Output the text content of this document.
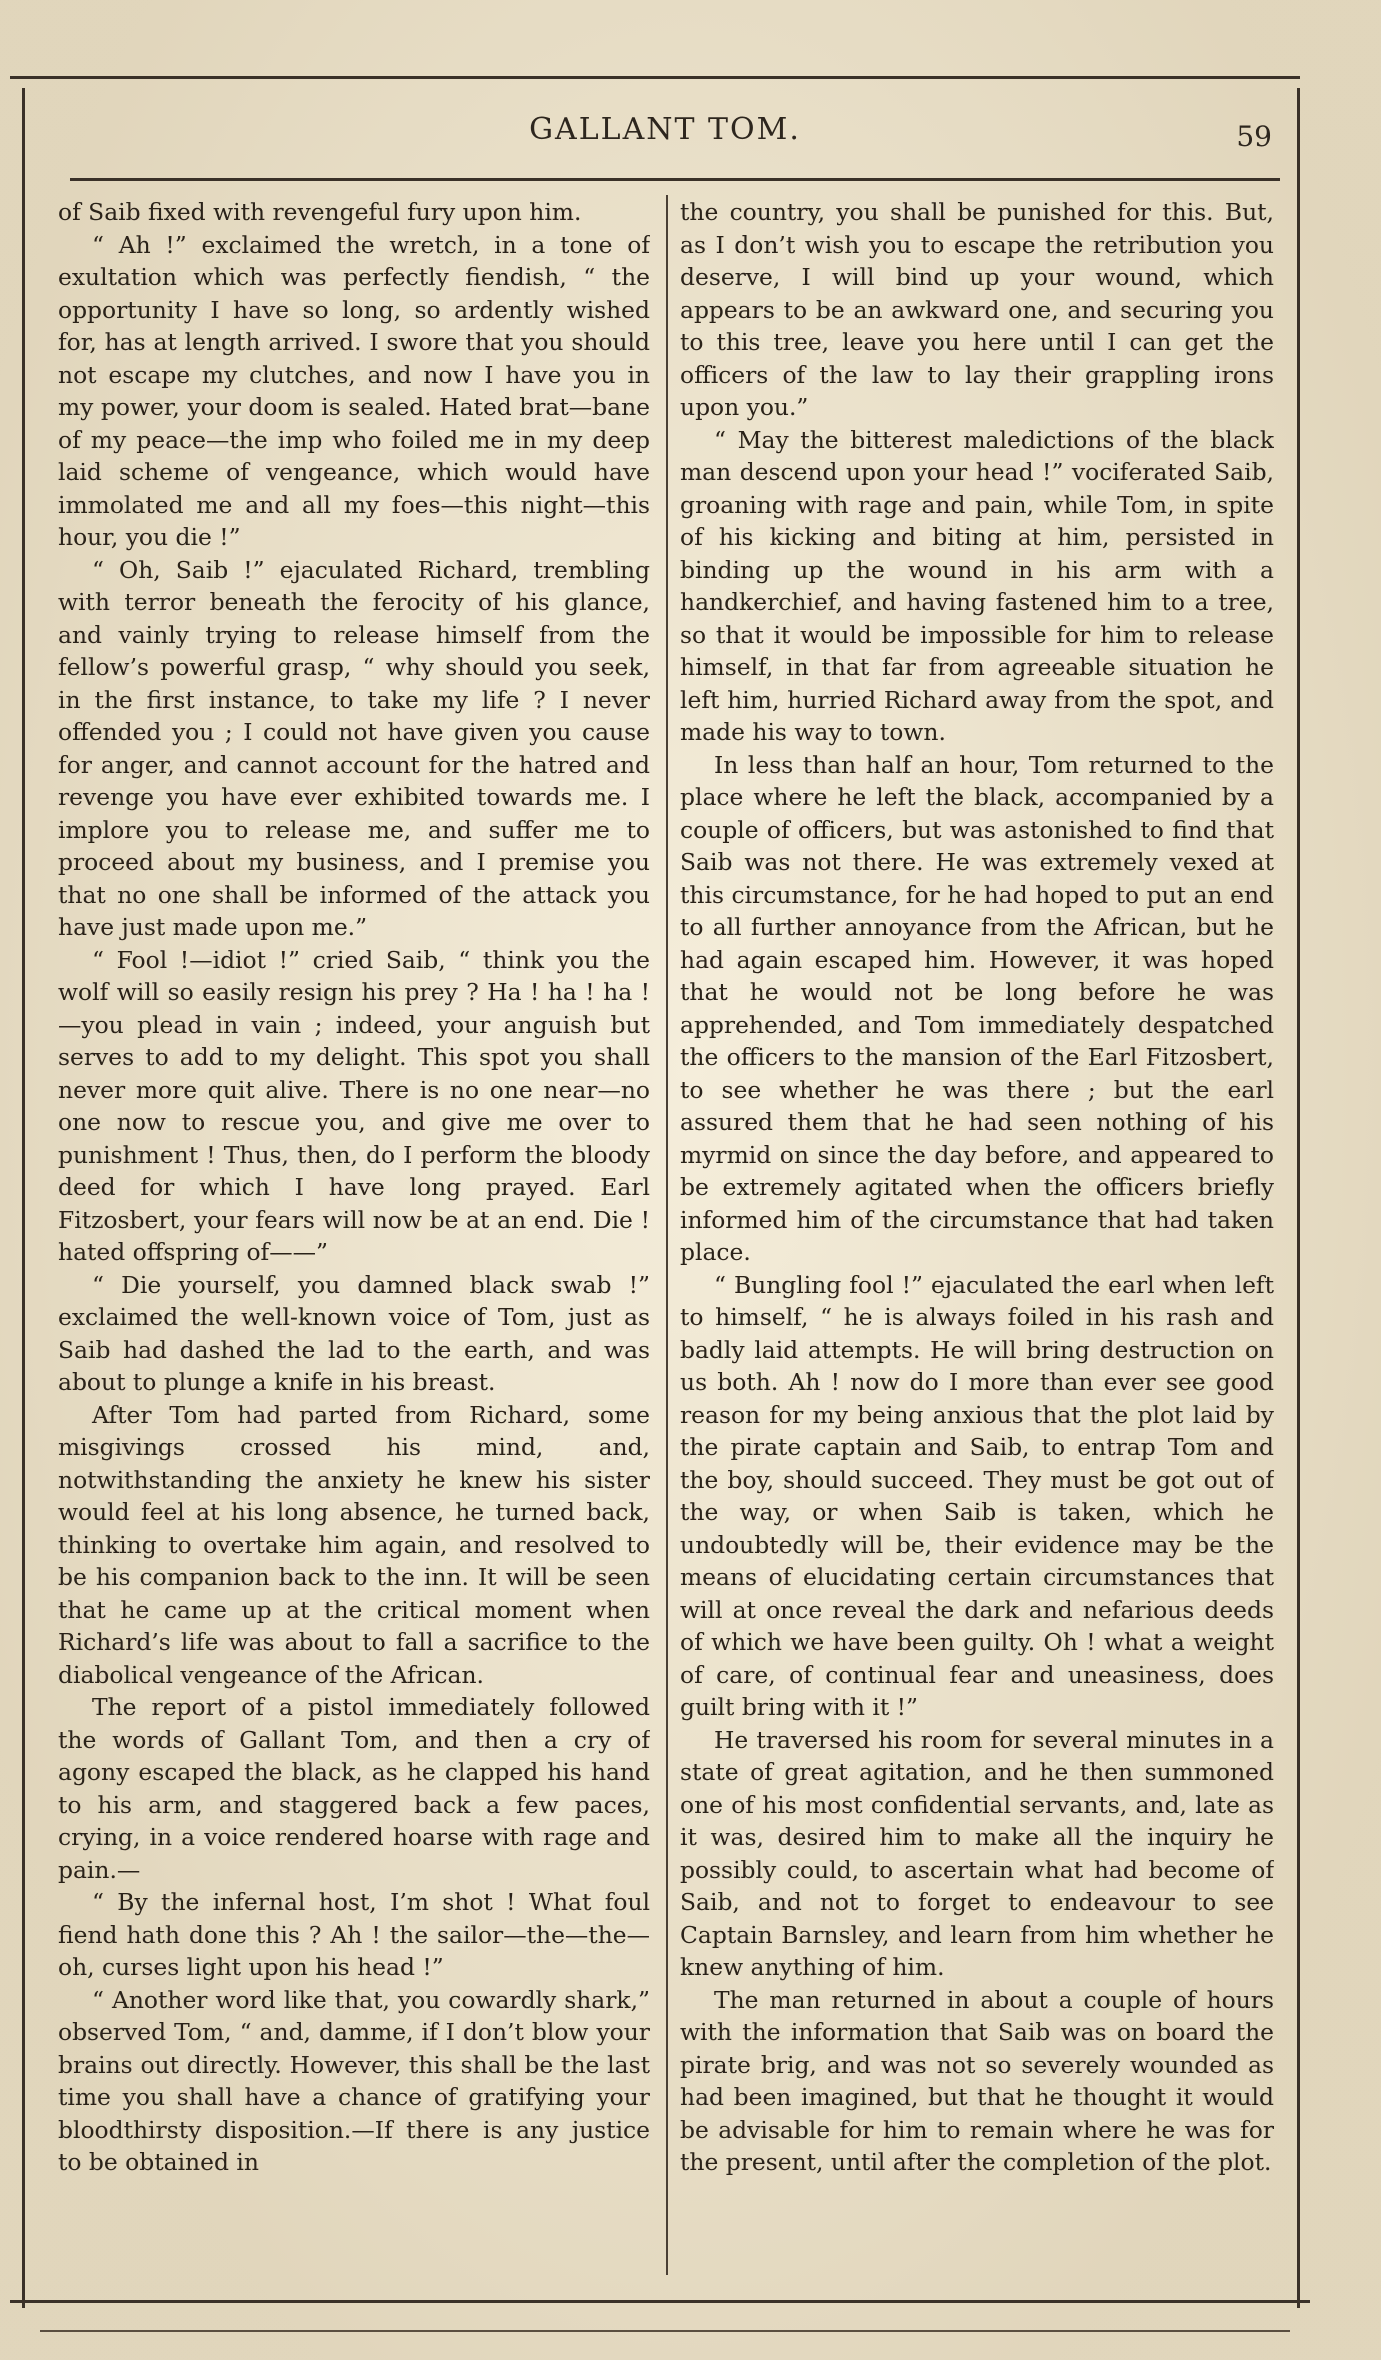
GALLANT TOM.	59

of Saib fixed with revengeful fury upon him.

“ Ah !” exclaimed the wretch, in a tone of exultation which was perfectly fiendish, “ the opportunity I have so long, so ardently wished for, has at length arrived. I swore that you should not escape my clutches, and now I have you in my power, your doom is sealed. Hated brat—bane of my peace—the imp who foiled me in my deep laid scheme of vengeance, which would have immolated me and all my foes—this night—this hour, you die !”

“ Oh, Saib !” ejaculated Richard, trembling with terror beneath the ferocity of his glance, and vainly trying to release himself from the fellow’s powerful grasp, “ why should you seek, in the first instance, to take my life ? I never offended you ; I could not have given you cause for anger, and cannot account for the hatred and revenge you have ever exhibited towards me. I implore you to release me, and suffer me to proceed about my business, and I premise you that no one shall be informed of the attack you have just made upon me.”

“ Fool !—idiot !” cried Saib, “ think you the wolf will so easily resign his prey ? Ha ! ha ! ha !—you plead in vain ; indeed, your anguish but serves to add to my delight. This spot you shall never more quit alive. There is no one near—no one now to rescue you, and give me over to punishment ! Thus, then, do I perform the bloody deed for which I have long prayed. Earl Fitzosbert, your fears will now be at an end. Die ! hated offspring of——”

“ Die yourself, you damned black swab !” exclaimed the well-known voice of Tom, just as Saib had dashed the lad to the earth, and was about to plunge a knife in his breast.

After Tom had parted from Richard, some misgivings crossed his mind, and, notwithstanding the anxiety he knew his sister would feel at his long absence, he turned back, thinking to overtake him again, and resolved to be his companion back to the inn. It will be seen that he came up at the critical moment when Richard’s life was about to fall a sacrifice to the diabolical vengeance of the African.

The report of a pistol immediately followed the words of Gallant Tom, and then a cry of agony escaped the black, as he clapped his hand to his arm, and staggered back a few paces, crying, in a voice rendered hoarse with rage and pain.—

“ By the infernal host, I’m shot ! What foul fiend hath done this ? Ah ! the sailor—the—the—oh, curses light upon his head !”

“ Another word like that, you cowardly shark,” observed Tom, “ and, damme, if I don’t blow your brains out directly. However, this shall be the last time you shall have a chance of gratifying your bloodthirsty disposition.—If there is any justice to be obtained in

the country, you shall be punished for this. But, as I don’t wish you to escape the retribution you deserve, I will bind up your wound, which appears to be an awkward one, and securing you to this tree, leave you here until I can get the officers of the law to lay their grappling irons upon you.”

“ May the bitterest maledictions of the black man descend upon your head !” vociferated Saib, groaning with rage and pain, while Tom, in spite of his kicking and biting at him, persisted in binding up the wound in his arm with a handkerchief, and having fastened him to a tree, so that it would be impossible for him to release himself, in that far from agreeable situation he left him, hurried Richard away from the spot, and made his way to town.

In less than half an hour, Tom returned to the place where he left the black, accompanied by a couple of officers, but was astonished to find that Saib was not there. He was extremely vexed at this circumstance, for he had hoped to put an end to all further annoyance from the African, but he had again escaped him. However, it was hoped that he would not be long before he was apprehended, and Tom immediately despatched the officers to the mansion of the Earl Fitzosbert, to see whether he was there ; but the earl assured them that he had seen nothing of his myrmid on since the day before, and appeared to be extremely agitated when the officers briefly informed him of the circumstance that had taken place.

“ Bungling fool !” ejaculated the earl when left to himself, “ he is always foiled in his rash and badly laid attempts. He will bring destruction on us both. Ah ! now do I more than ever see good reason for my being anxious that the plot laid by the pirate captain and Saib, to entrap Tom and the boy, should succeed. They must be got out of the way, or when Saib is taken, which he undoubtedly will be, their evidence may be the means of elucidating certain circumstances that will at once reveal the dark and nefarious deeds of which we have been guilty. Oh ! what a weight of care, of continual fear and uneasiness, does guilt bring with it !”

He traversed his room for several minutes in a state of great agitation, and he then summoned one of his most confidential servants, and, late as it was, desired him to make all the inquiry he possibly could, to ascertain what had become of Saib, and not to forget to endeavour to see Captain Barnsley, and learn from him whether he knew anything of him.

The man returned in about a couple of hours with the information that Saib was on board the pirate brig, and was not so severely wounded as had been imagined, but that he thought it would be advisable for him to remain where he was for the present, until after the completion of the plot.
